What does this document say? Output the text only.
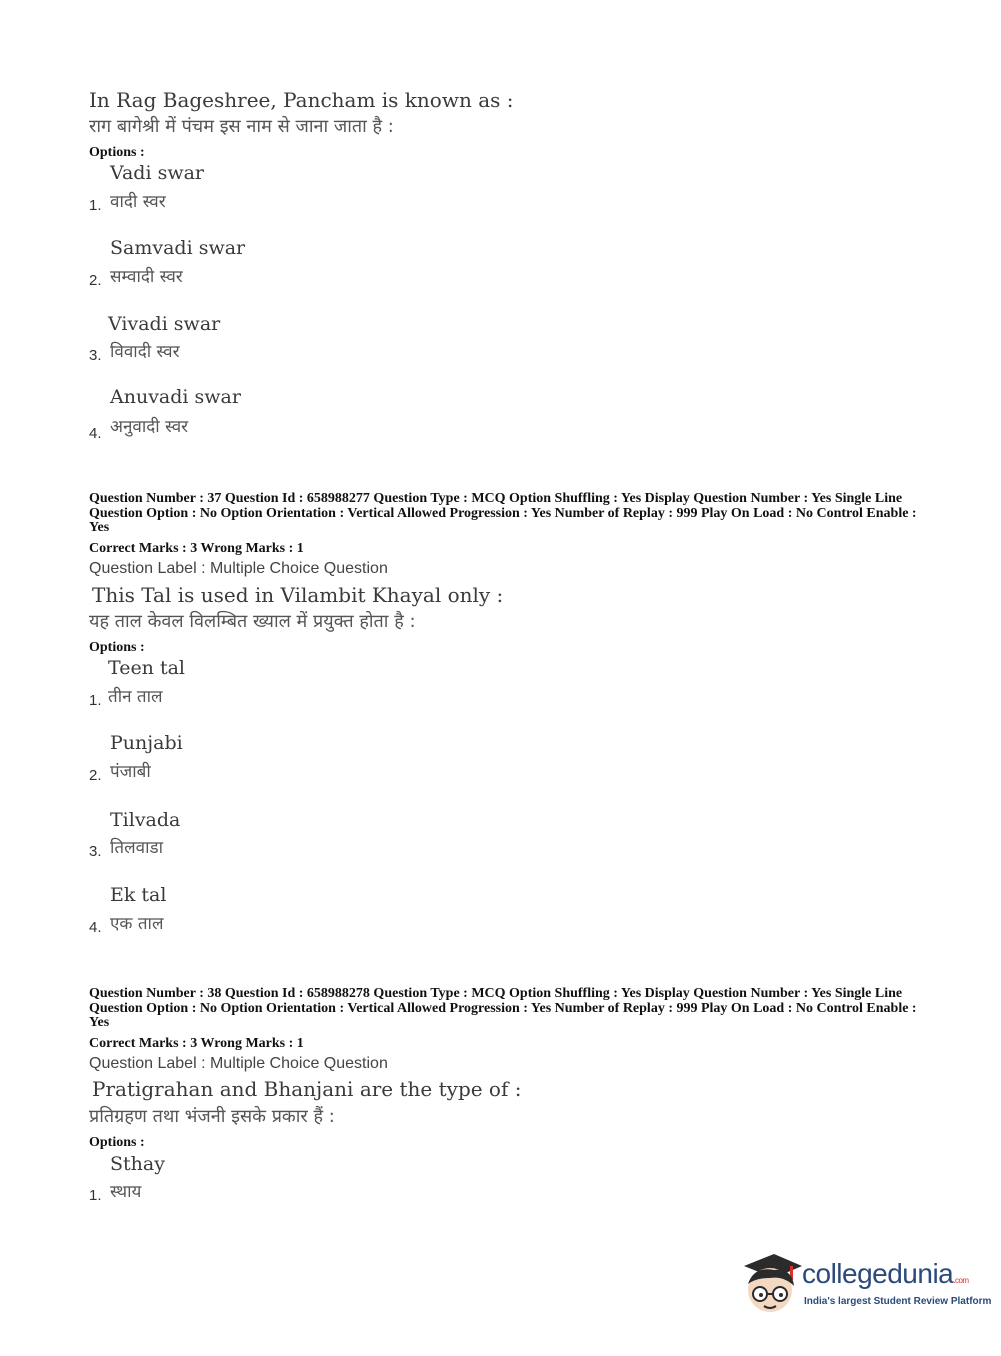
In Rag Bageshree, Pancham is known as :
राग बागेश्री में पंचम इस नाम से जाना जाता है :
Options :
Vadi swar
1. वादी स्वर
Samvadi swar
2. सम्वादी स्वर
Vivadi swar
3. विवादी स्वर
Anuvadi swar
4. अनुवादी स्वर
Question Number : 37 Question Id : 658988277 Question Type : MCQ Option Shuffling : Yes Display Question Number : Yes Single Line Question Option : No Option Orientation : Vertical Allowed Progression : Yes Number of Replay : 999 Play On Load : No Control Enable : Yes
Correct Marks : 3 Wrong Marks : 1
Question Label : Multiple Choice Question
This Tal is used in Vilambit Khayal only :
यह ताल केवल विलम्बित ख्याल में प्रयुक्त होता है :
Options :
Teen tal
1. तीन ताल
Punjabi
2. पंजाबी
Tilvada
3. तिलवाडा
Ek tal
4. एक ताल
Question Number : 38 Question Id : 658988278 Question Type : MCQ Option Shuffling : Yes Display Question Number : Yes Single Line Question Option : No Option Orientation : Vertical Allowed Progression : Yes Number of Replay : 999 Play On Load : No Control Enable : Yes
Correct Marks : 3 Wrong Marks : 1
Question Label : Multiple Choice Question
Pratigrahan and Bhanjani are the type of :
प्रतिग्रहण तथा भंजनी इसके प्रकार हैं :
Options :
Sthay
1. स्थाय
collegedunia.com
India's largest Student Review Platform
